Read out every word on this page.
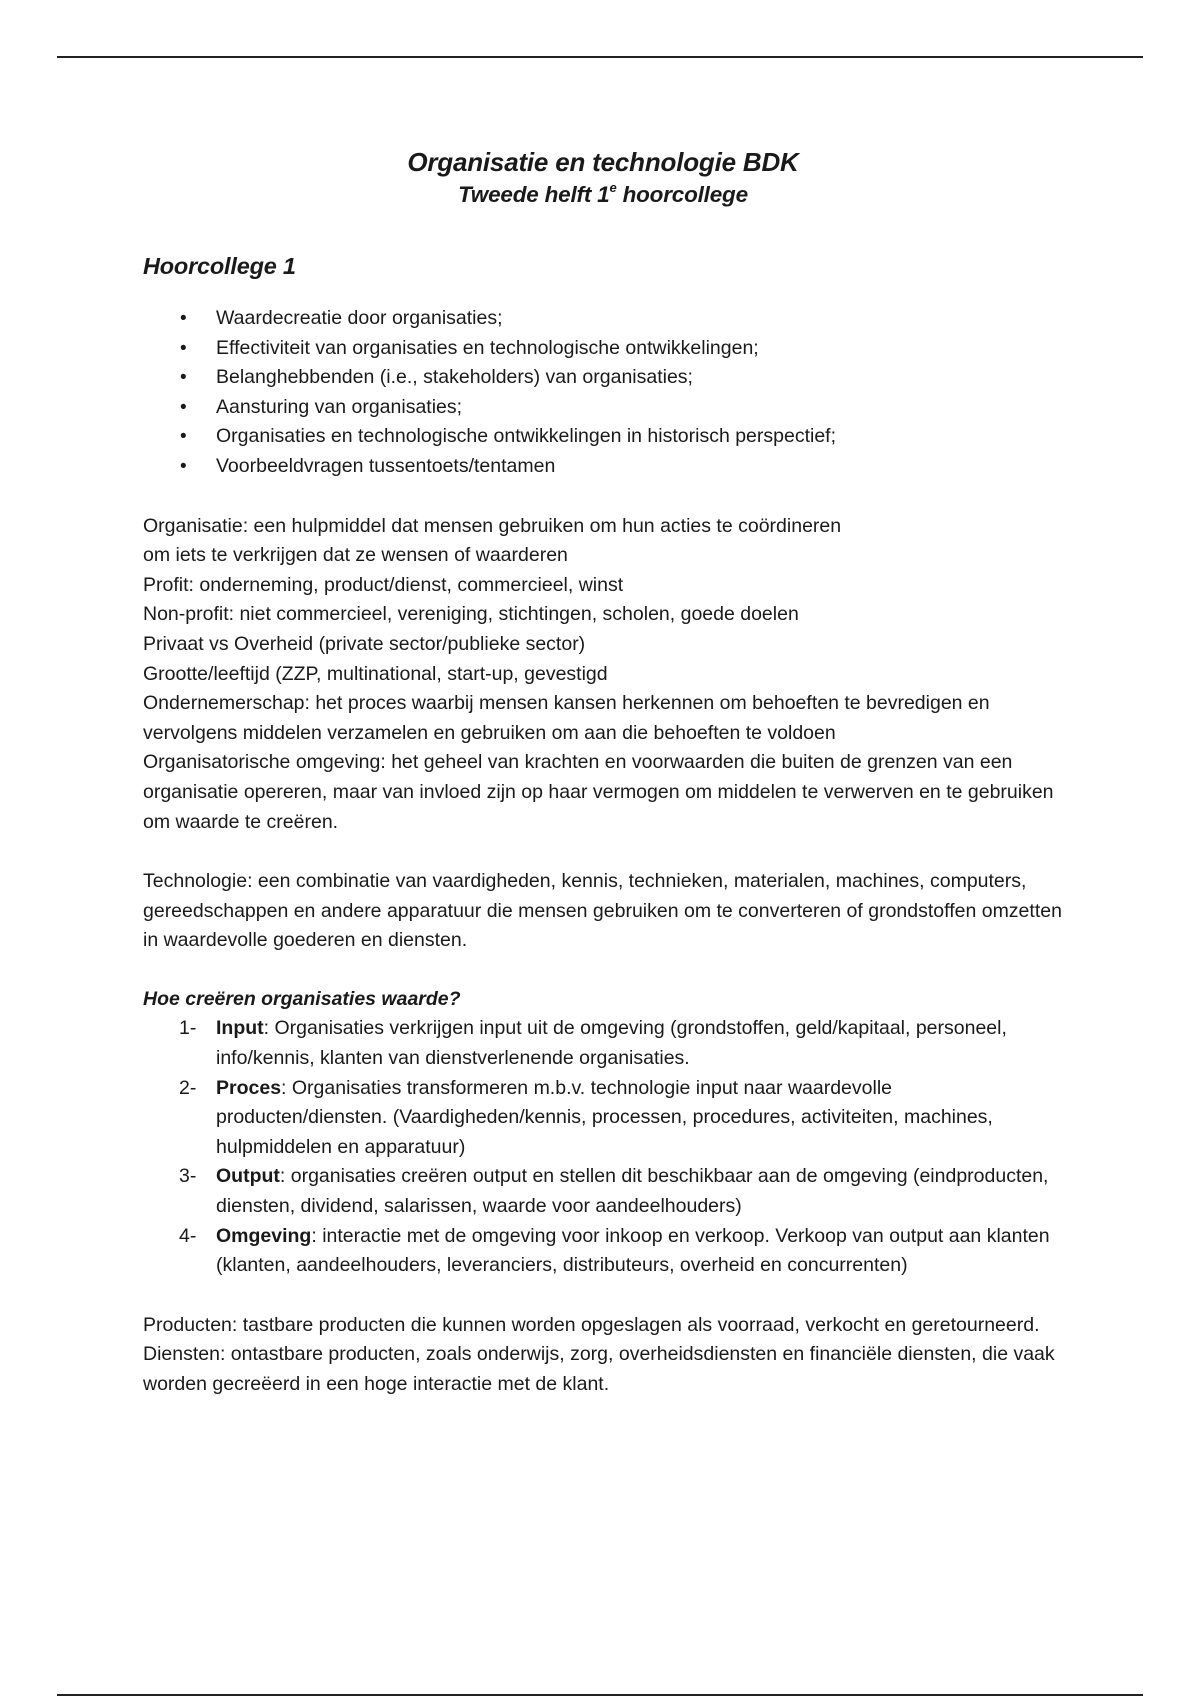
Organisatie en technologie BDK
Tweede helft 1e hoorcollege
Hoorcollege 1
• Waardecreatie door organisaties;
• Effectiviteit van organisaties en technologische ontwikkelingen;
• Belanghebbenden (i.e., stakeholders) van organisaties;
• Aansturing van organisaties;
• Organisaties en technologische ontwikkelingen in historisch perspectief;
• Voorbeeldvragen tussentoets/tentamen

Organisatie: een hulpmiddel dat mensen gebruiken om hun acties te coördineren

om iets te verkrijgen dat ze wensen of waarderen

Profit: onderneming, product/dienst, commercieel, winst

Non-profit: niet commercieel, vereniging, stichtingen, scholen, goede doelen

Privaat vs Overheid (private sector/publieke sector)

Grootte/leeftijd (ZZP, multinational, start-up, gevestigd

Ondernemerschap: het proces waarbij mensen kansen herkennen om behoeften te bevredigen en vervolgens middelen verzamelen en gebruiken om aan die behoeften te voldoen

Organisatorische omgeving: het geheel van krachten en voorwaarden die buiten de grenzen van een organisatie opereren, maar van invloed zijn op haar vermogen om middelen te verwerven en te gebruiken om waarde te creëren.

Technologie: een combinatie van vaardigheden, kennis, technieken, materialen, machines, computers, gereedschappen en andere apparatuur die mensen gebruiken om te converteren of grondstoffen omzetten in waardevolle goederen en diensten.

Hoe creëren organisaties waarde?

1- Input: Organisaties verkrijgen input uit de omgeving (grondstoffen, geld/kapitaal, personeel, info/kennis, klanten van dienstverlenende organisaties.
2- Proces: Organisaties transformeren m.b.v. technologie input naar waardevolle producten/diensten. (Vaardigheden/kennis, processen, procedures, activiteiten, machines, hulpmiddelen en apparatuur)
3- Output: organisaties creëren output en stellen dit beschikbaar aan de omgeving (eindproducten, diensten, dividend, salarissen, waarde voor aandeelhouders)
4- Omgeving: interactie met de omgeving voor inkoop en verkoop. Verkoop van output aan klanten (klanten, aandeelhouders, leveranciers, distributeurs, overheid en concurrenten)

Producten: tastbare producten die kunnen worden opgeslagen als voorraad, verkocht en geretourneerd.

Diensten: ontastbare producten, zoals onderwijs, zorg, overheidsdiensten en financiële diensten, die vaak worden gecreëerd in een hoge interactie met de klant.
